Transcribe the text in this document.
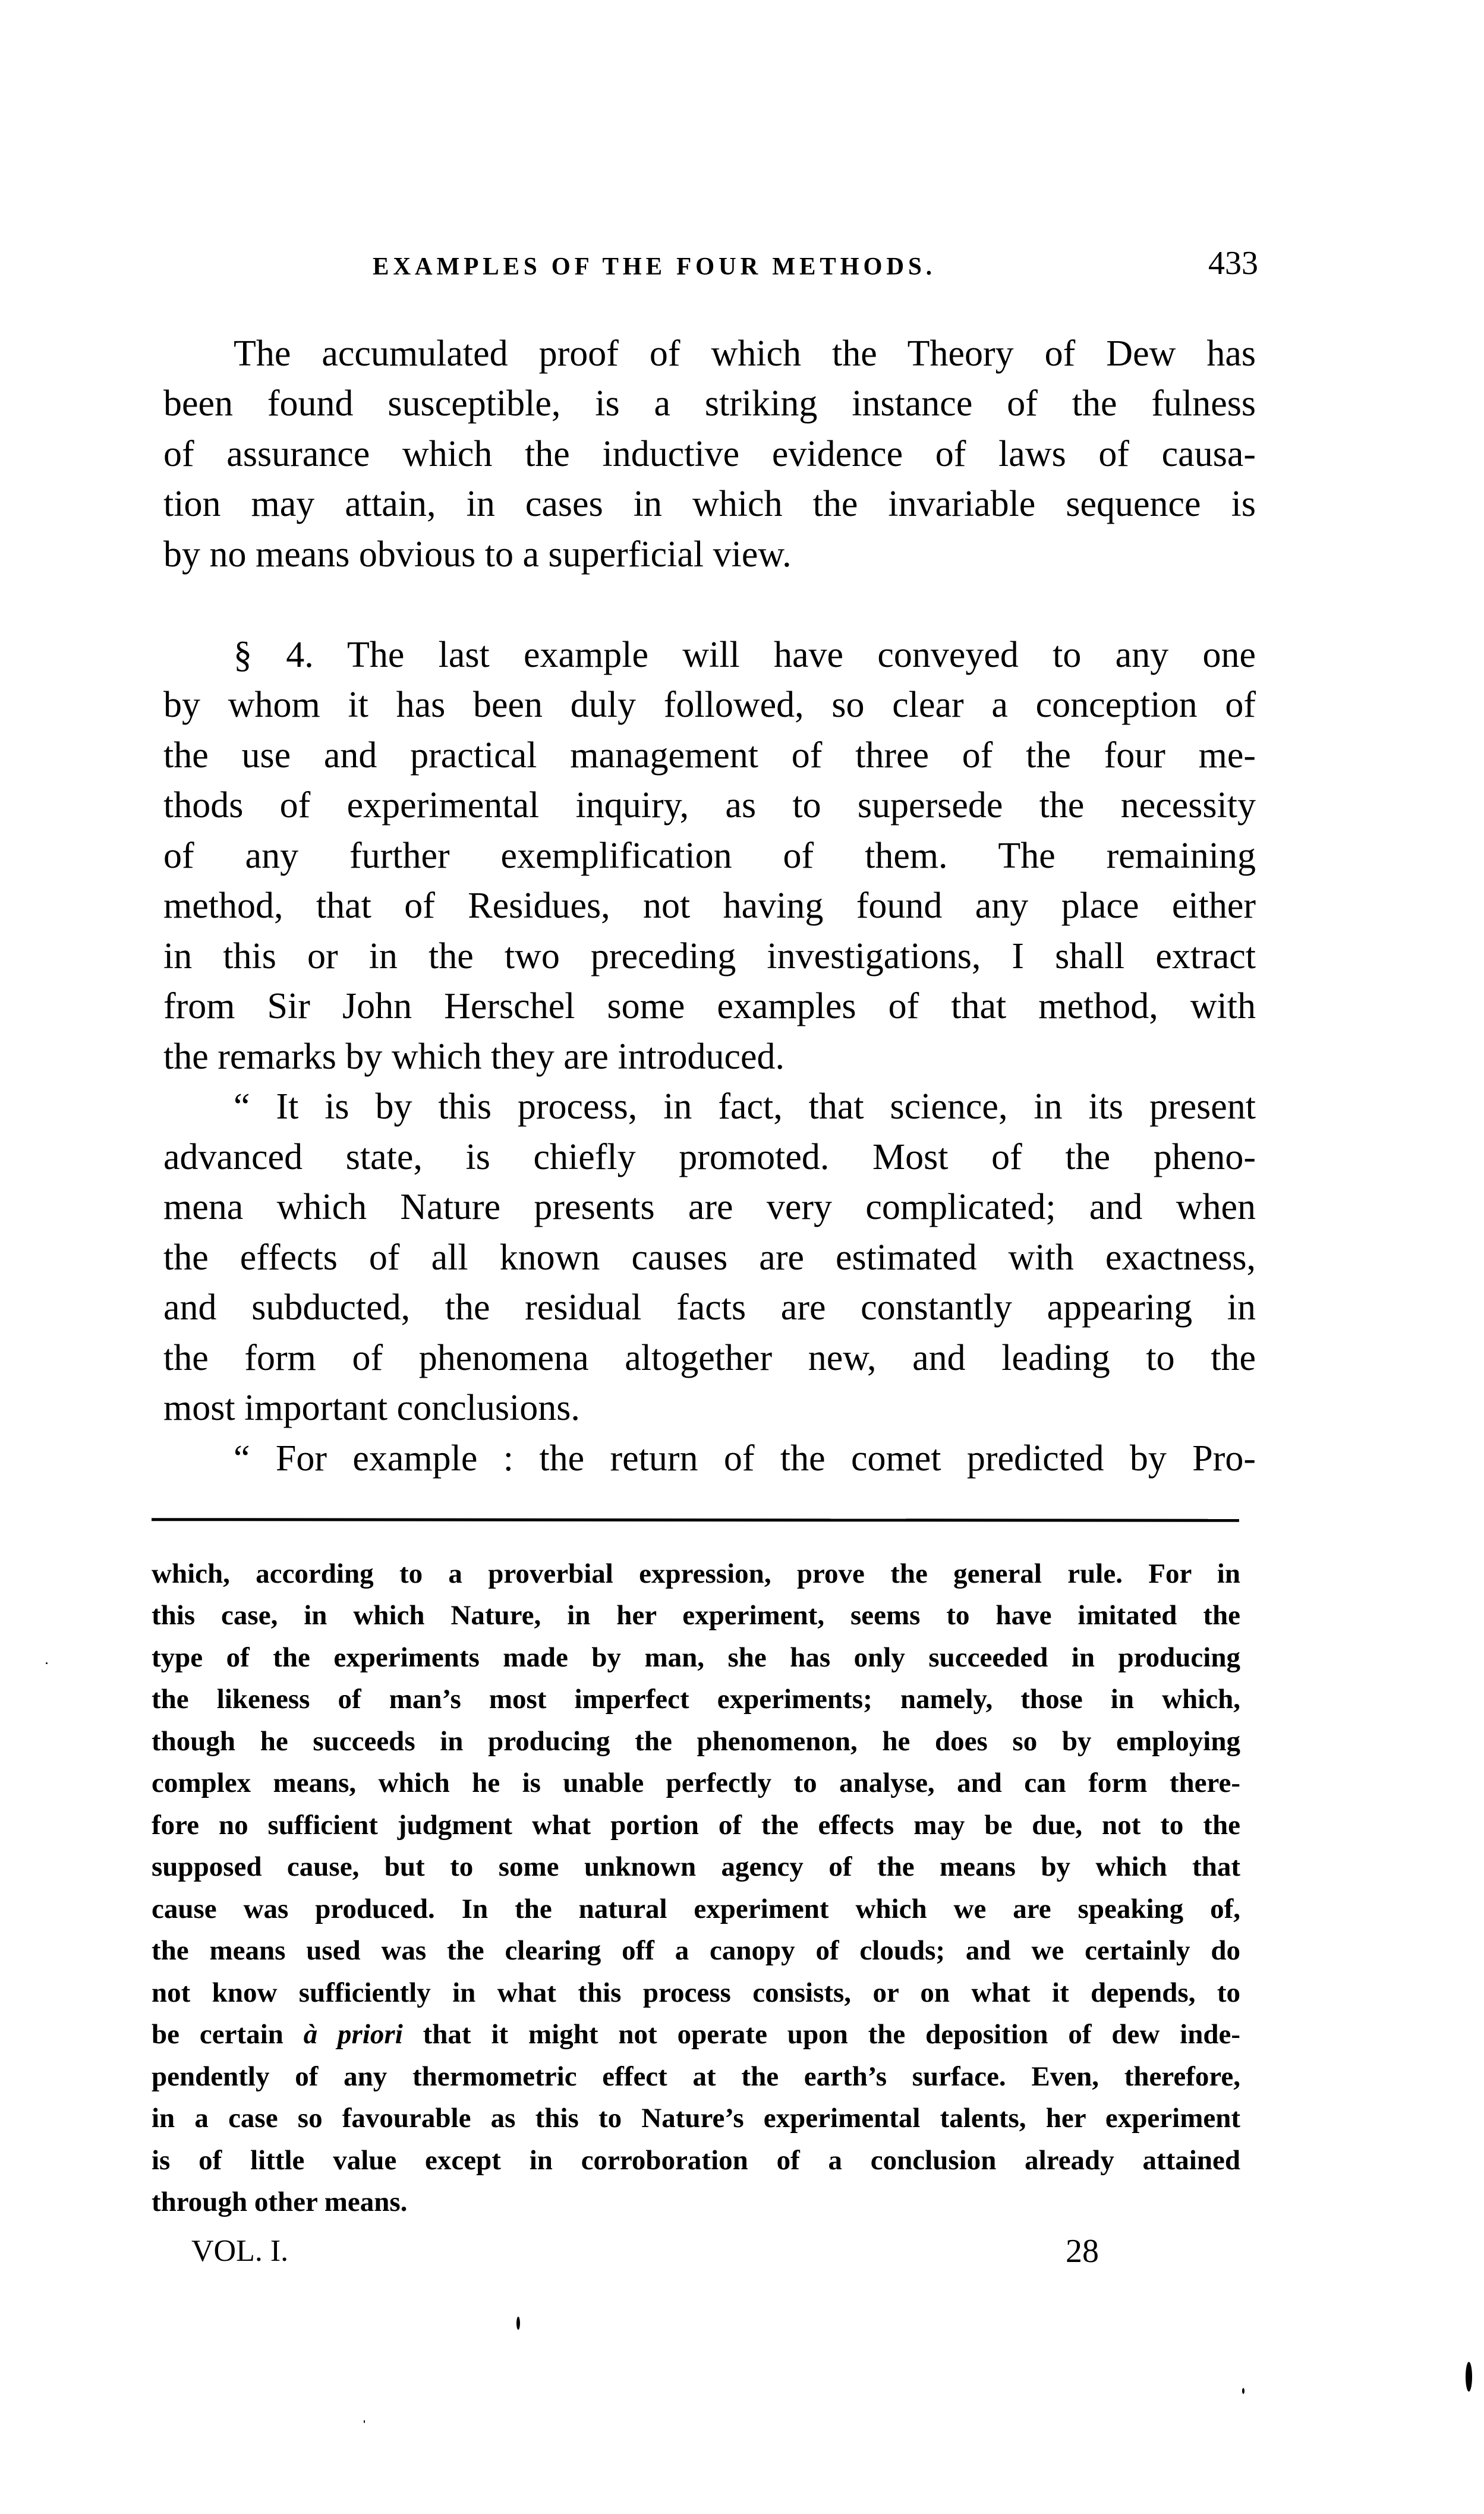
EXAMPLES OF THE FOUR METHODS.	433
The accumulated proof of which the Theory of Dew has
been found susceptible, is a striking instance of the fulness
of assurance which the inductive evidence of laws of causa-
tion may attain, in cases in which the invariable sequence is
by no means obvious to a superficial view.
§ 4. The last example will have conveyed to any one
by whom it has been duly followed, so clear a conception of
the use and practical management of three of the four me-
thods of experimental inquiry, as to supersede the necessity
of any further exemplification of them. The remaining
method, that of Residues, not having found any place either
in this or in the two preceding investigations, I shall extract
from Sir John Herschel some examples of that method, with
the remarks by which they are introduced.
“ It is by this process, in fact, that science, in its present
advanced state, is chiefly promoted. Most of the pheno-
mena which Nature presents are very complicated; and when
the effects of all known causes are estimated with exactness,
and subducted, the residual facts are constantly appearing in
the form of phenomena altogether new, and leading to the
most important conclusions.
“ For example : the return of the comet predicted by Pro-
which, according to a proverbial expression, prove the general rule. For in
this case, in which Nature, in her experiment, seems to have imitated the
type of the experiments made by man, she has only succeeded in producing
the likeness of man’s most imperfect experiments; namely, those in which,
though he succeeds in producing the phenomenon, he does so by employing
complex means, which he is unable perfectly to analyse, and can form there-
fore no sufficient judgment what portion of the effects may be due, not to the
supposed cause, but to some unknown agency of the means by which that
cause was produced. In the natural experiment which we are speaking of,
the means used was the clearing off a canopy of clouds; and we certainly do
not know sufficiently in what this process consists, or on what it depends, to
be certain à priori that it might not operate upon the deposition of dew inde-
pendently of any thermometric effect at the earth’s surface. Even, therefore,
in a case so favourable as this to Nature’s experimental talents, her experiment
is of little value except in corroboration of a conclusion already attained
through other means.
VOL. I.	28
